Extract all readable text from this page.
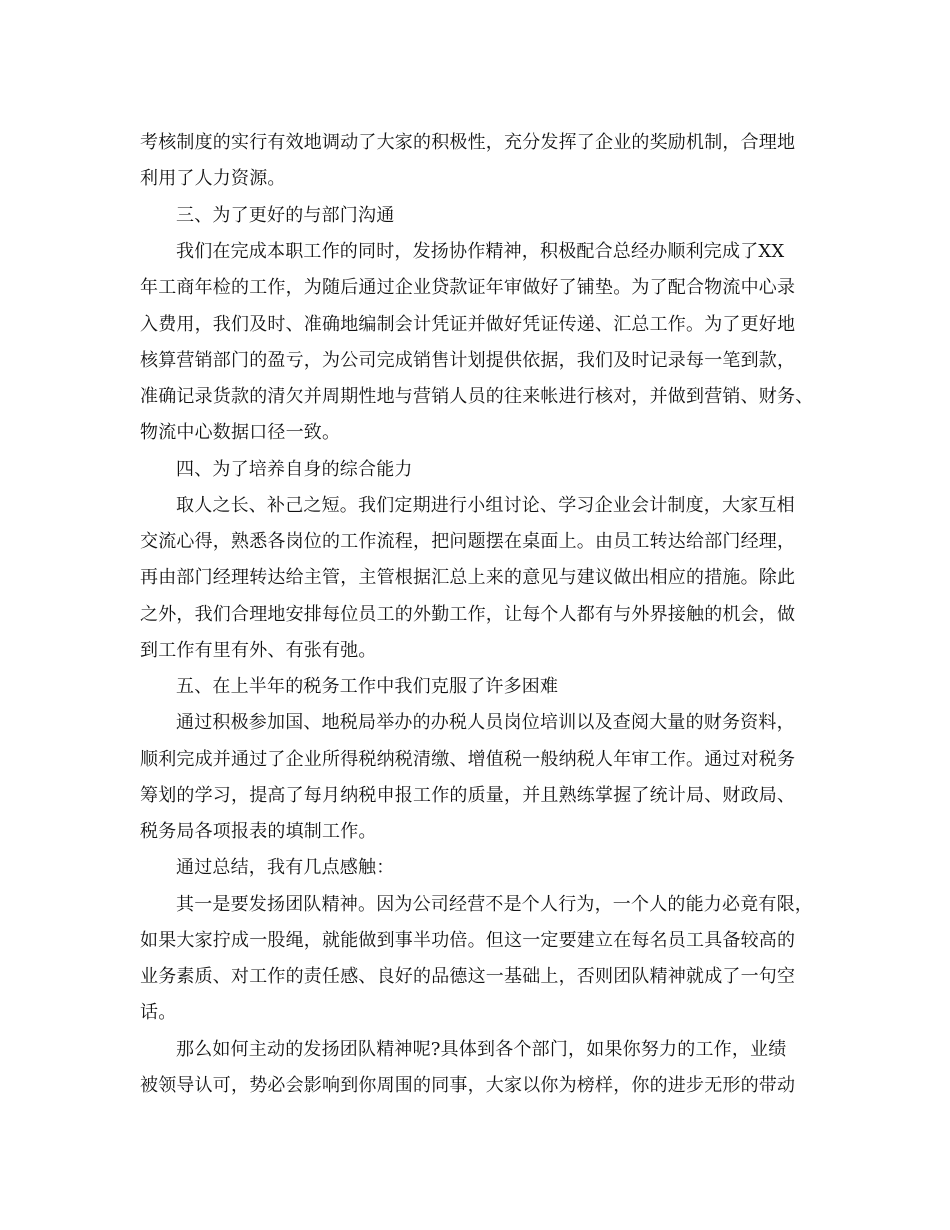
考核制度的实行有效地调动了大家的积极性，充分发挥了企业的奖励机制，合理地
利用了人力资源。
三、为了更好的与部门沟通
我们在完成本职工作的同时，发扬协作精神，积极配合总经办顺利完成了XX
年工商年检的工作，为随后通过企业贷款证年审做好了铺垫。为了配合物流中心录
入费用，我们及时、准确地编制会计凭证并做好凭证传递、汇总工作。为了更好地
核算营销部门的盈亏，为公司完成销售计划提供依据，我们及时记录每一笔到款，
准确记录货款的清欠并周期性地与营销人员的往来帐进行核对，并做到营销、财务、
物流中心数据口径一致。
四、为了培养自身的综合能力
取人之长、补己之短。我们定期进行小组讨论、学习企业会计制度，大家互相
交流心得，熟悉各岗位的工作流程，把问题摆在桌面上。由员工转达给部门经理，
再由部门经理转达给主管，主管根据汇总上来的意见与建议做出相应的措施。除此
之外，我们合理地安排每位员工的外勤工作，让每个人都有与外界接触的机会，做
到工作有里有外、有张有弛。
五、在上半年的税务工作中我们克服了许多困难
通过积极参加国、地税局举办的办税人员岗位培训以及查阅大量的财务资料，
顺利完成并通过了企业所得税纳税清缴、增值税一般纳税人年审工作。通过对税务
筹划的学习，提高了每月纳税申报工作的质量，并且熟练掌握了统计局、财政局、
税务局各项报表的填制工作。
通过总结，我有几点感触：
其一是要发扬团队精神。因为公司经营不是个人行为，一个人的能力必竟有限，
如果大家拧成一股绳，就能做到事半功倍。但这一定要建立在每名员工具备较高的
业务素质、对工作的责任感、良好的品德这一基础上，否则团队精神就成了一句空
话。
那么如何主动的发扬团队精神呢?具体到各个部门，如果你努力的工作，业绩
被领导认可，势必会影响到你周围的同事，大家以你为榜样，你的进步无形的带动
